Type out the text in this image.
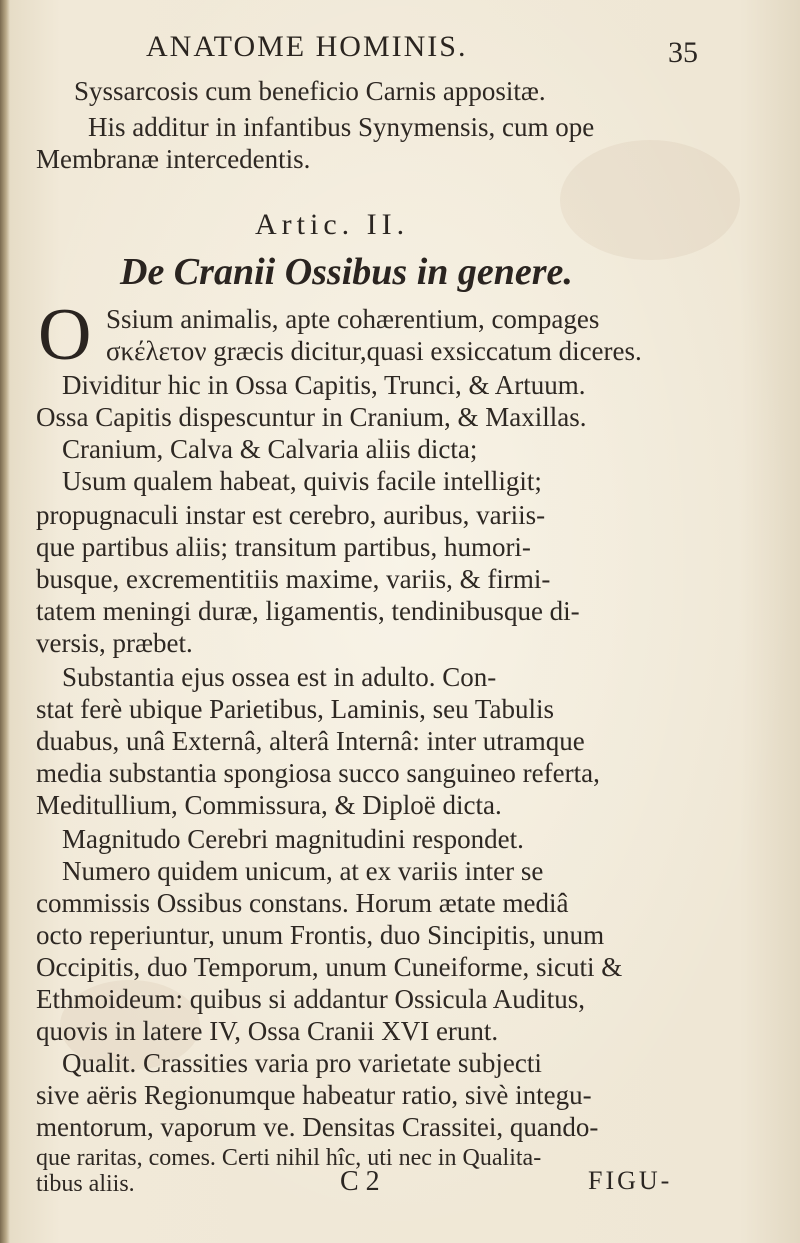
ANATOME HOMINIS.	35
Syssarcosis cum beneficio Carnis appositæ.
His additur in infantibus Synymensis, cum ope
Membranæ intercedentis.
Artic. II.
De Cranii Ossibus in genere.
O Ssium animalis, apte cohærentium, compages
σκέλετον græcis dicitur,quasi exsiccatum diceres.
Dividitur hic in Ossa Capitis, Trunci, & Artuum.
Ossa Capitis dispescuntur in Cranium, & Maxillas.
Cranium, Calva & Calvaria aliis dicta;
Usum qualem habeat, quivis facile intelligit;
propugnaculi instar est cerebro, auribus, variis-
que partibus aliis; transitum partibus, humori-
busque, excrementitiis maxime, variis, & firmi-
tatem meningi duræ, ligamentis, tendinibusque di-
versis, præbet.
Substantia ejus ossea est in adulto. Con-
stat ferè ubique Parietibus, Laminis, seu Tabulis
duabus, unâ Externâ, alterâ Internâ: inter utramque
media substantia spongiosa succo sanguineo referta,
Meditullium, Commissura, & Diploë dicta.
Magnitudo Cerebri magnitudini respondet.
Numero quidem unicum, at ex variis inter se
commissis Ossibus constans. Horum ætate mediâ
octo reperiuntur, unum Frontis, duo Sincipitis, unum
Occipitis, duo Temporum, unum Cuneiforme, sicuti &
Ethmoideum: quibus si addantur Ossicula Auditus,
quovis in latere IV, Ossa Cranii XVI erunt.
Qualit. Crassities varia pro varietate subjecti
sive aëris Regionumque habeatur ratio, sivè integu-
mentorum, vaporum ve. Densitas Crassitei, quando-
que raritas, comes. Certi nihil hîc, uti nec in Qualita-
tibus aliis.	C 2	FIGU-
